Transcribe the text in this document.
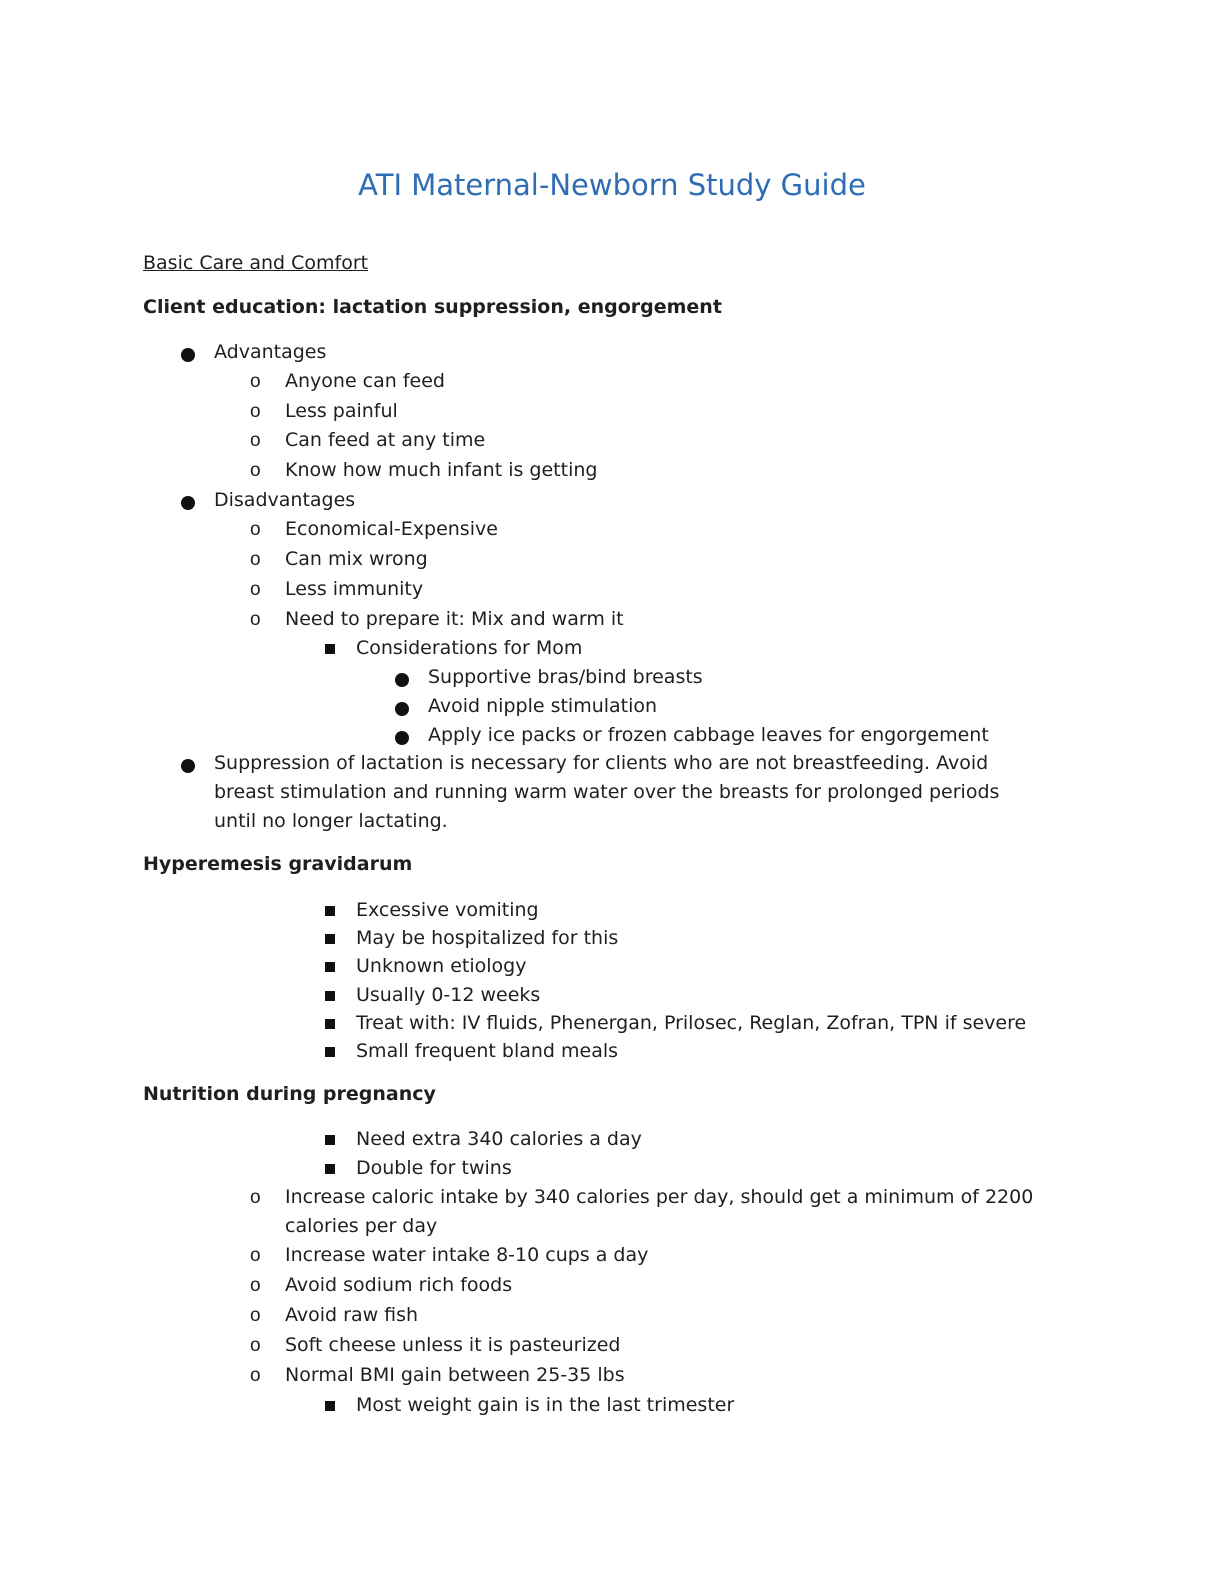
ATI Maternal-Newborn Study Guide
Basic Care and Comfort
Client education: lactation suppression, engorgement
Advantages
o Anyone can feed
o Less painful
o Can feed at any time
o Know how much infant is getting
Disadvantages
o Economical-Expensive
o Can mix wrong
o Less immunity
o Need to prepare it: Mix and warm it
Considerations for Mom
Supportive bras/bind breasts
Avoid nipple stimulation
Apply ice packs or frozen cabbage leaves for engorgement
Suppression of lactation is necessary for clients who are not breastfeeding. Avoid breast stimulation and running warm water over the breasts for prolonged periods until no longer lactating.
Hyperemesis gravidarum
Excessive vomiting
May be hospitalized for this
Unknown etiology
Usually 0-12 weeks
Treat with: IV fluids, Phenergan, Prilosec, Reglan, Zofran, TPN if severe
Small frequent bland meals
Nutrition during pregnancy
Need extra 340 calories a day
Double for twins
o Increase caloric intake by 340 calories per day, should get a minimum of 2200 calories per day
o Increase water intake 8-10 cups a day
o Avoid sodium rich foods
o Avoid raw fish
o Soft cheese unless it is pasteurized
o Normal BMI gain between 25-35 lbs
Most weight gain is in the last trimester
